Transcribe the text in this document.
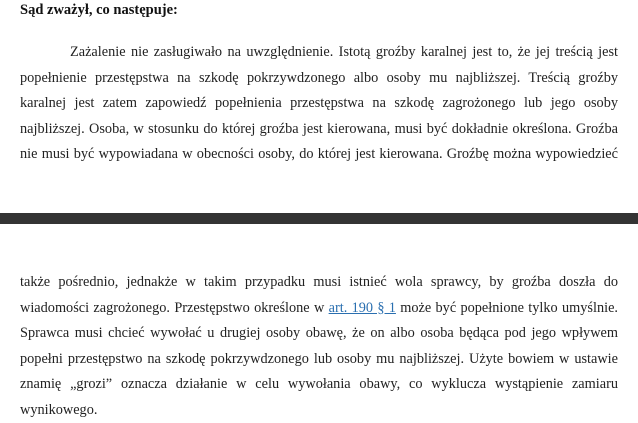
Sąd zważył, co następuje:
Zażalenie nie zasługiwało na uwzględnienie. Istotą groźby karalnej jest to, że jej treścią jest
popełnienie przestępstwa na szkodę pokrzywdzonego albo osoby mu najbliższej. Treścią groźby
karalnej jest zatem zapowiedź popełnienia przestępstwa na szkodę zagrożonego lub jego osoby
najbliższej. Osoba, w stosunku do której groźba jest kierowana, musi być dokładnie określona. Groźba
nie musi być wypowiadana w obecności osoby, do której jest kierowana. Groźbę można wypowiedzieć
także pośrednio, jednakże w takim przypadku musi istnieć wola sprawcy, by groźba doszła do
wiadomości zagrożonego. Przestępstwo określone w art. 190 § 1 może być popełnione tylko umyślnie.
Sprawca musi chcieć wywołać u drugiej osoby obawę, że on albo osoba będąca pod jego wpływem
popełni przestępstwo na szkodę pokrzywdzonego lub osoby mu najbliższej. Użyte bowiem w ustawie
znamię „grozi” oznacza działanie w celu wywołania obawy, co wyklucza wystąpienie zamiaru
wynikowego.
